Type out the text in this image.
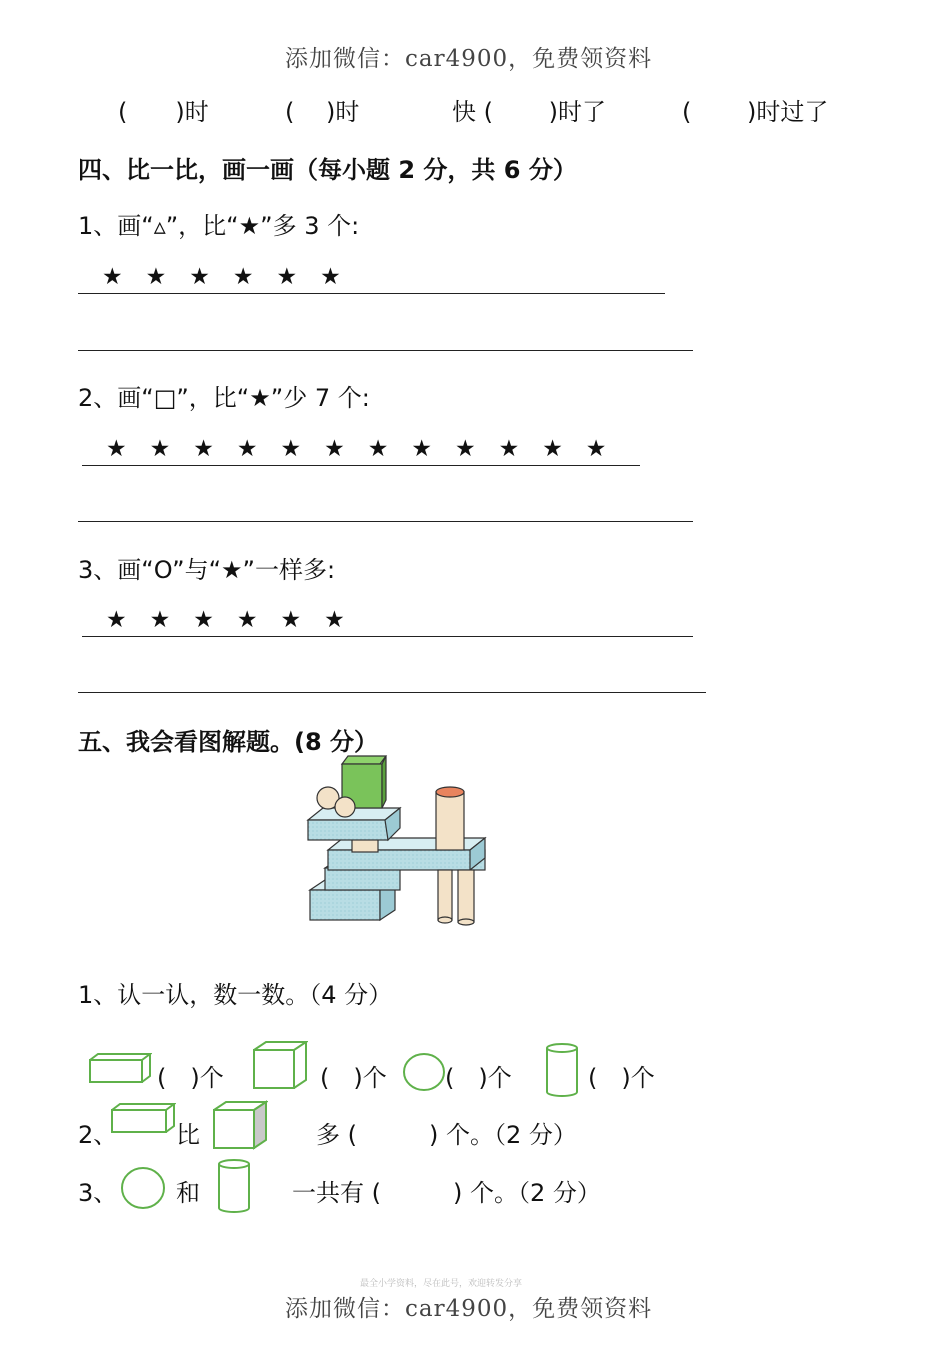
添加微信：car4900，免费领资料
(　　)时	(　 )时	快 (　　 )时了	(　　 )时过了
四、比一比，画一画（每小题 2 分，共 6 分）
1、画“▵”，比“★”多 3 个:
★★★★★★
2、画“□”，比“★”少 7 个:
★★★★★★★★★★★★
3、画“O”与“★”一样多:
★★★★★★
五、我会看图解题。(8 分）
1、认一认，数一数。（4 分）
(　)个	(　)个 (　)个	(　)个
2、 比	多 (　　　) 个。（2 分）
3、 和	一共有 (　　　) 个。（2 分）
最全小学资料，尽在此号，欢迎转发分享
添加微信：car4900，免费领资料
